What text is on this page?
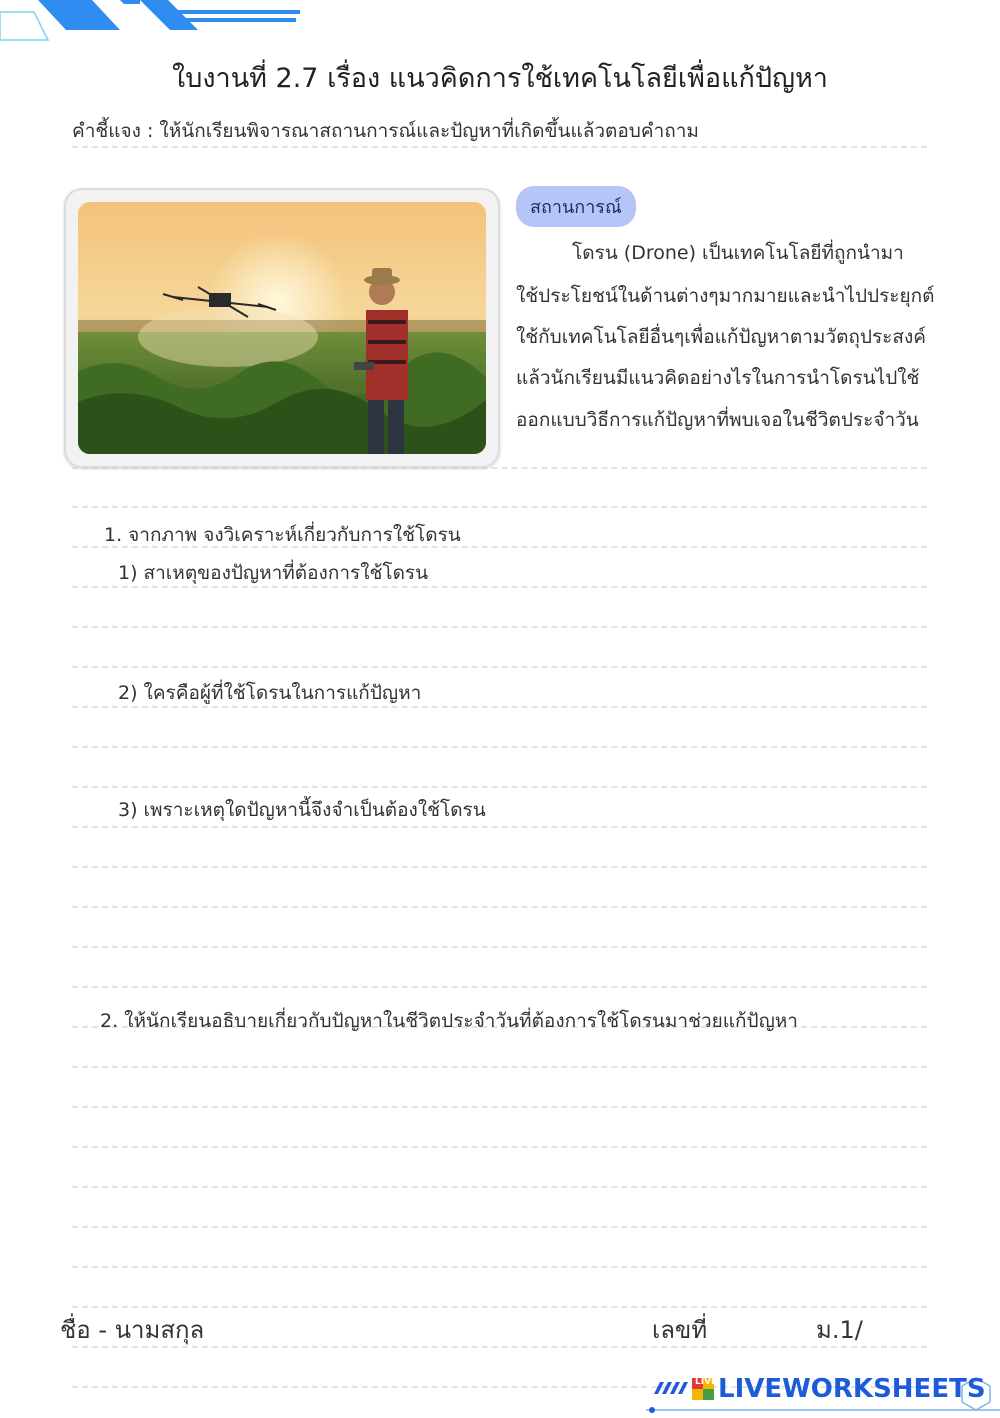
ใบงานที่ 2.7 เรื่อง แนวคิดการใช้เทคโนโลยีเพื่อแก้ปัญหา
คำชี้แจง : ให้นักเรียนพิจารณาสถานการณ์และปัญหาที่เกิดขึ้นแล้วตอบคำถาม
สถานการณ์
โดรน (Drone) เป็นเทคโนโลยีที่ถูกนำมา
ใช้ประโยชน์ในด้านต่างๆมากมายและนำไปประยุกต์
ใช้กับเทคโนโลยีอื่นๆเพื่อแก้ปัญหาตามวัตถุประสงค์
แล้วนักเรียนมีแนวคิดอย่างไรในการนำโดรนไปใช้
ออกแบบวิธีการแก้ปัญหาที่พบเจอในชีวิตประจำวัน
1. จากภาพ จงวิเคราะห์เกี่ยวกับการใช้โดรน
1) สาเหตุของปัญหาที่ต้องการใช้โดรน
2) ใครคือผู้ที่ใช้โดรนในการแก้ปัญหา
3) เพราะเหตุใดปัญหานี้จึงจำเป็นต้องใช้โดรน
2. ให้นักเรียนอธิบายเกี่ยวกับปัญหาในชีวิตประจำวันที่ต้องการใช้โดรนมาช่วยแก้ปัญหา
ชื่อ - นามสกุล	เลขที่	ม.1/
LIVE LIVEWORKSHEETS
